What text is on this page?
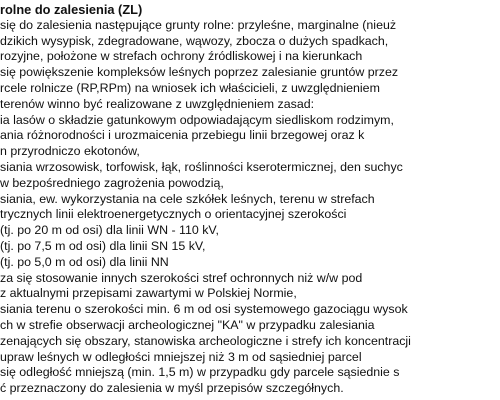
rolne do zalesienia (ZL)

się do zalesienia następujące grunty rolne: przyleśne, marginalne (nieuż

dzikich wysypisk, zdegradowane, wąwozy, zbocza o dużych spadkach,

rozyjne, położone w strefach ochrony źródliskowej i na kierunkach

się powiększenie kompleksów leśnych poprzez zalesianie gruntów przez

rcele rolnicze (RP,RPm) na wniosek ich właścicieli, z uwzględnieniem

terenów winno być realizowane z uwzględnieniem zasad:

ia lasów o składzie gatunkowym odpowiadającym siedliskom rodzimym,

ania różnorodności i urozmaicenia przebiegu linii brzegowej oraz k

n przyrodniczo ekotonów,

siania wrzosowisk, torfowisk, łąk, roślinności kserotermicznej, den suchyc

w bezpośredniego zagrożenia powodzią,

siania, ew. wykorzystania na cele szkółek leśnych, terenu w strefach

trycznych linii elektroenergetycznych o orientacyjnej szerokości

(tj. po 20 m od osi) dla linii WN - 110 kV,

(tj. po 7,5 m od osi) dla linii SN 15 kV,

(tj. po 5,0 m od osi) dla linii NN

za się stosowanie innych szerokości stref ochronnych niż w/w pod

z aktualnymi przepisami zawartymi w Polskiej Normie,

siania terenu o szerokości min. 6 m od osi systemowego gazociągu wysok

ch w strefie obserwacji archeologicznej "KA" w przypadku zalesiania

zenających się obszary, stanowiska archeologiczne i strefy ich koncentracji

upraw leśnych w odległości mniejszej niż 3 m od sąsiedniej parcel

się odległość mniejszą (min. 1,5 m) w przypadku gdy parcele sąsiednie s

ć przeznaczony do zalesienia w myśl przepisów szczegółnych.
